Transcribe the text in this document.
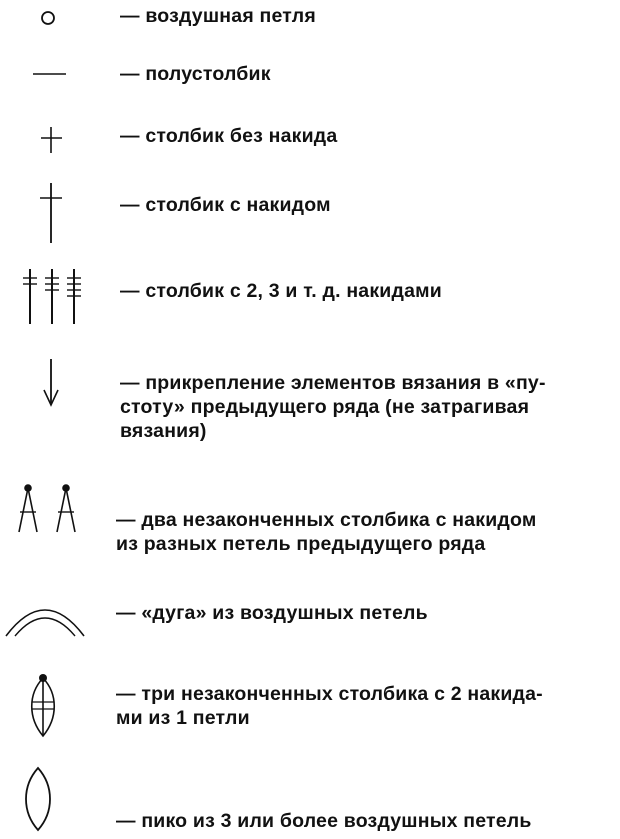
— воздушная петля
— полустолбик
— столбик без накида
— столбик с накидом
— столбик с 2, 3 и т. д. накидами
— прикрепление элементов вязания в «пу-
стоту» предыдущего ряда (не затрагивая
вязания)
— два незаконченных столбика с накидом
из разных петель предыдущего ряда
— «дуга» из воздушных петель
— три незаконченных столбика с 2 накида-
ми из 1 петли
— пико из 3 или более воздушных петель
